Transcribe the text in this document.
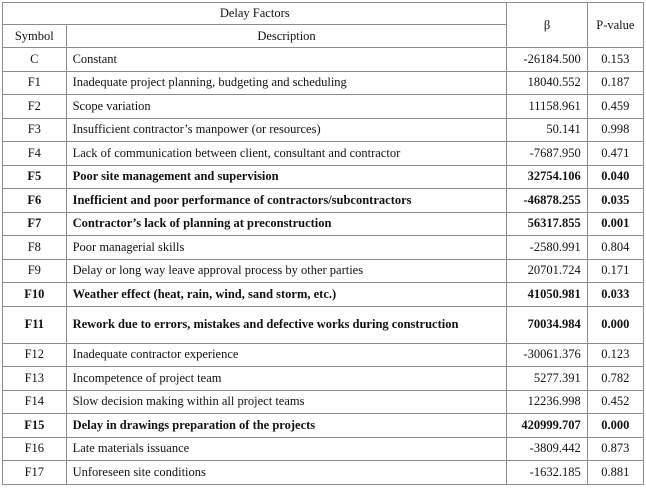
Delay Factors		β	P-value
Symbol	Description		
C	Constant	-26184.500	0.153
F1	Inadequate project planning, budgeting and scheduling	18040.552	0.187
F2	Scope variation	11158.961	0.459
F3	Insufficient contractor’s manpower (or resources)	50.141	0.998
F4	Lack of communication between client, consultant and contractor	-7687.950	0.471
F5	Poor site management and supervision	32754.106	0.040
F6	Inefficient and poor performance of contractors/subcontractors	-46878.255	0.035
F7	Contractor’s lack of planning at preconstruction	56317.855	0.001
F8	Poor managerial skills	-2580.991	0.804
F9	Delay or long way leave approval process by other parties	20701.724	0.171
F10	Weather effect (heat, rain, wind, sand storm, etc.)	41050.981	0.033
F11	Rework due to errors, mistakes and defective works during construction	70034.984	0.000
F12	Inadequate contractor experience	-30061.376	0.123
F13	Incompetence of project team	5277.391	0.782
F14	Slow decision making within all project teams	12236.998	0.452
F15	Delay in drawings preparation of the projects	420999.707	0.000
F16	Late materials issuance	-3809.442	0.873
F17	Unforeseen site conditions	-1632.185	0.881
